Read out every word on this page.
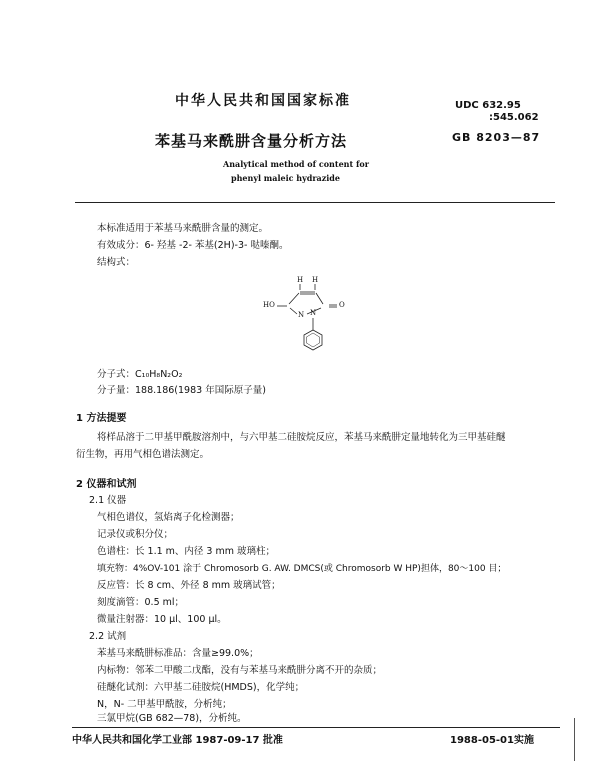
中华人民共和国国家标准	UDC 632.95
:545.062
苯基马来酰肼含量分析方法	GB 8203—87
Analytical method of content for
phenyl maleic hydrazide
本标准适用于苯基马来酰肼含量的测定。
有效成分：6- 羟基 -2- 苯基(2H)-3- 哒嗪酮。
结构式：
H H
HO
N N
O
分子式：C₁₀H₈N₂O₂
分子量：188.186(1983 年国际原子量)
1 方法提要
将样品溶于二甲基甲酰胺溶剂中，与六甲基二硅胺烷反应，苯基马来酰肼定量地转化为三甲基硅醚
衍生物，再用气相色谱法测定。
2 仪器和试剂
2.1 仪器
气相色谱仪，氢焰离子化检测器；
记录仪或积分仪；
色谱柱：长 1.1 m、内径 3 mm 玻璃柱；
填充物：4%OV-101 涂于 Chromosorb G. AW. DMCS(或 Chromosorb W HP)担体，80～100 目；
反应管：长 8 cm、外径 8 mm 玻璃试管；
刻度滴管：0.5 ml；
微量注射器：10 μl、100 μl。
2.2 试剂
苯基马来酰肼标准品：含量≥99.0%；
内标物：邻苯二甲酸二戊酯，没有与苯基马来酰肼分离不开的杂质；
硅醚化试剂：六甲基二硅胺烷(HMDS)，化学纯；
N，N- 二甲基甲酰胺，分析纯；
三氯甲烷(GB 682—78)，分析纯。
中华人民共和国化学工业部 1987-09-17 批准	1988-05-01实施
